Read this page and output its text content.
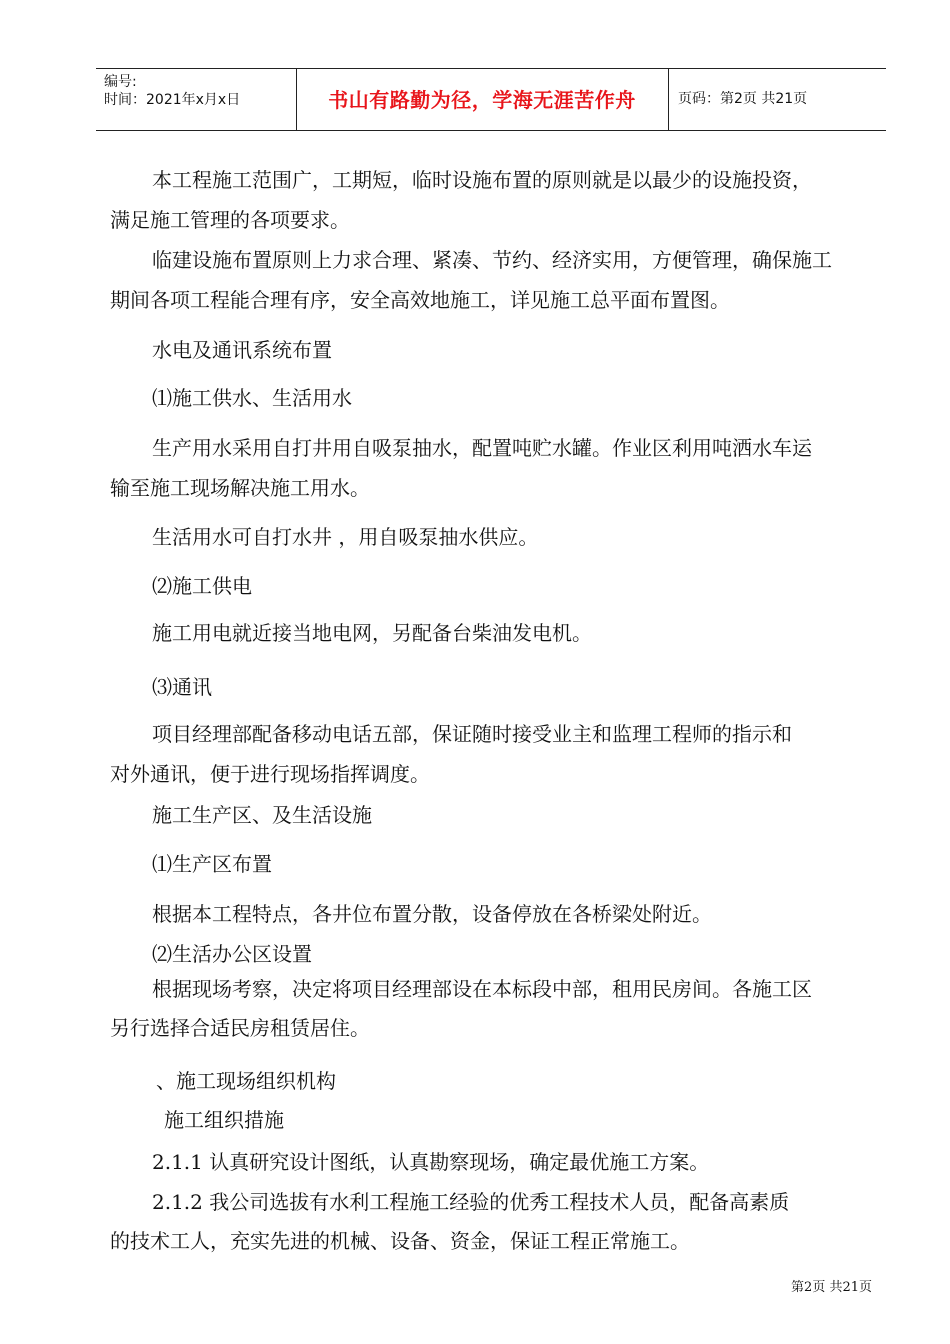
编号:
时间：2021年x月x日	书山有路勤为径，学海无涯苦作舟	页码：第2页 共21页
本工程施工范围广，工期短，临时设施布置的原则就是以最少的设施投资，
满足施工管理的各项要求。
临建设施布置原则上力求合理、紧凑、节约、经济实用，方便管理，确保施工
期间各项工程能合理有序，安全高效地施工，详见施工总平面布置图。
水电及通讯系统布置
⑴施工供水、生活用水
生产用水采用自打井用自吸泵抽水，配置吨贮水罐。作业区利用吨洒水车运
输至施工现场解决施工用水。
生活用水可自打水井 ，用自吸泵抽水供应。
⑵施工供电
施工用电就近接当地电网，另配备台柴油发电机。
⑶通讯
项目经理部配备移动电话五部，保证随时接受业主和监理工程师的指示和
对外通讯，便于进行现场指挥调度。
施工生产区、及生活设施
⑴生产区布置
根据本工程特点，各井位布置分散，设备停放在各桥梁处附近。
⑵生活办公区设置
根据现场考察，决定将项目经理部设在本标段中部，租用民房间。各施工区
另行选择合适民房租赁居住。
、施工现场组织机构
施工组织措施
2.1.1 认真研究设计图纸，认真勘察现场，确定最优施工方案。
2.1.2 我公司选拔有水利工程施工经验的优秀工程技术人员，配备高素质
的技术工人，充实先进的机械、设备、资金，保证工程正常施工。
第2页 共21页
